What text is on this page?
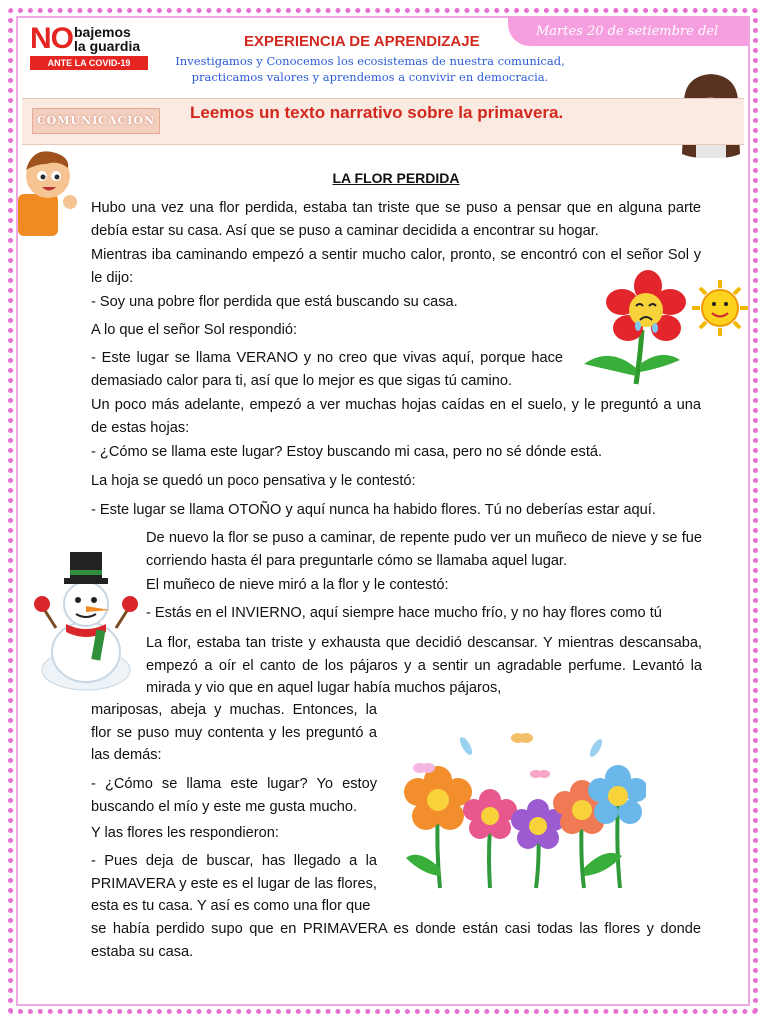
NO bajemos
la guardia
ANTE LA COVID-19
EXPERIENCIA DE APRENDIZAJE
Martes 20 de setiembre del
Investigamos y Conocemos los ecosistemas de nuestra comunicad, practicamos valores y aprendemos a convivir en democracia.
COMUNICACIÓN Leemos un texto narrativo sobre la primavera.
LA FLOR PERDIDA
Hubo una vez una flor perdida, estaba tan triste que se puso a pensar que en alguna parte debía estar su casa. Así que se puso a caminar decidida a encontrar su hogar.
Mientras iba caminando empezó a sentir mucho calor, pronto, se encontró con el señor Sol y le dijo:
- Soy una pobre flor perdida que está buscando su casa.
A lo que el señor Sol respondió:
- Este lugar se llama VERANO y no creo que vivas aquí, porque hace demasiado calor para ti, así que lo mejor es que sigas tú camino.
Un poco más adelante, empezó a ver muchas hojas caídas en el suelo, y le preguntó a una de estas hojas:
- ¿Cómo se llama este lugar? Estoy buscando mi casa, pero no sé dónde está.
La hoja se quedó un poco pensativa y le contestó:
- Este lugar se llama OTOÑO y aquí nunca ha habido flores. Tú no deberías estar aquí.
De nuevo la flor se puso a caminar, de repente pudo ver un muñeco de nieve y se fue corriendo hasta él para preguntarle cómo se llamaba aquel lugar.
El muñeco de nieve miró a la flor y le contestó:
- Estás en el INVIERNO, aquí siempre hace mucho frío, y no hay flores como tú
La flor, estaba tan triste y exhausta que decidió descansar. Y mientras descansaba, empezó a oír el canto de los pájaros y a sentir un agradable perfume. Levantó la mirada y vio que en aquel lugar había muchos pájaros,
mariposas, abeja y muchas. Entonces, la flor se puso muy contenta y les preguntó a las demás:
- ¿Cómo se llama este lugar? Yo estoy buscando el mío y este me gusta mucho.
Y las flores les respondieron:
- Pues deja de buscar, has llegado a la PRIMAVERA y este es el lugar de las flores, esta es tu casa. Y así es como una flor que
se había perdido supo que en PRIMAVERA es donde están casi todas las flores y donde estaba su casa.
